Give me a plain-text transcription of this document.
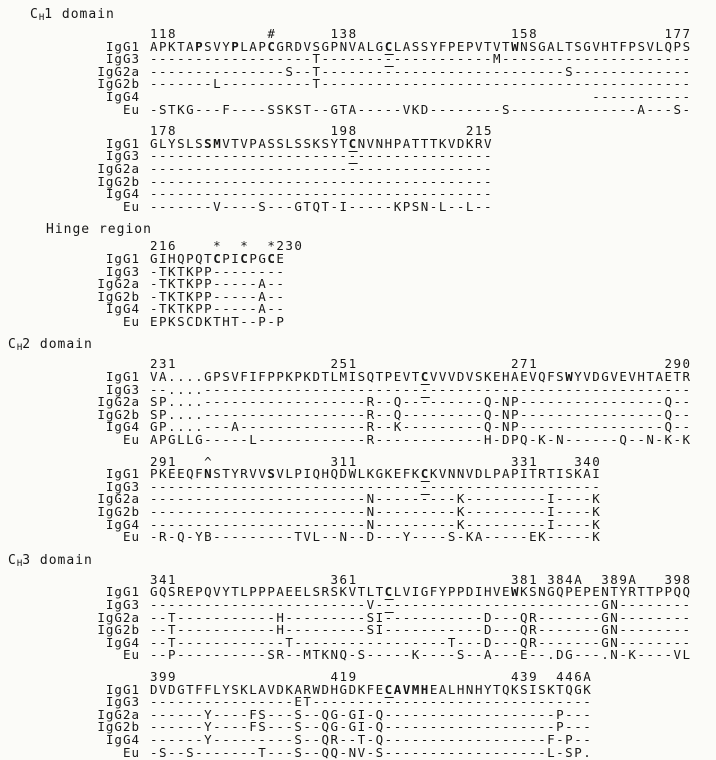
$C_H1$ domain
118          #      138                 158              177
IgG1 APKTAPSVYPLAPCGRDVSGPNVALGCLASSYFPEPVTVTWNSGALTSGVHTFPSVLQPS
IgG3 ------------------T-------------------M---------------------
IgG2a ---------------S--T---------------------------S-------------
IgG2b -------L----------T-----------------------------------------
IgG4 -----------
Eu -STKG---F----SSKST--GTA-----VKD--------S--------------A---S-
178                 198            215
IgG1 GLYSLSSMVTVPASSLSSKSYTCNVNHPATTTKVDKRV
IgG3 --------------------------------------
IgG2a --------------------------------------
IgG2b --------------------------------------
IgG4 --------------------------------------
Eu -------V----S---GTQT-I-----KPSN-L--L--
Hinge region
216    *  *  *230
IgG1 GIHQPQTCPICPGCE
IgG3 -TKTKPP--------
IgG2a -TKTKPP-----A--
IgG2b -TKTKPP-----A--
IgG4 -TKTKPP-----A--
Eu EPKSCDKTHT--P-P
$C_H2$ domain
231                 251                 271              290
IgG1 VA....GPSVFIFPPKPKDTLMISQTPEVTCVVVDVSKEHAEVQFSWYVDGVEVHTAETR
IgG3 --....------------------------------------------------------
IgG2a SP....------------------R--Q---------Q-NP----------------Q--
IgG2b SP....------------------R--Q---------Q-NP----------------Q--
IgG4 GP....---A--------------R--K---------Q-NP----------------Q--
Eu APGLLG-----L------------R------------H-DPQ-K-N------Q--N-K-K
291   ^             311                 331    340
IgG1 PKEEQFNSTYRVVSVLPIQHQDWLKGKEFKCKVNNVDLPAPITRTISKAI
IgG3 --------------------------------------------------
IgG2a ------------------------N---------K---------I----K
IgG2b ------------------------N---------K---------I----K
IgG4 ------------------------N---------K---------I----K
Eu -R-Q-YB---------TVL--N--D---Y----S-KA-----EK-----K
$C_H3$ domain
341                 361                 381 384A  389A   398
IgG1 GQSREPQVYTLPPPAEELSRSKVTLTCLVIGFYPPDIHVEWKSNGQPEPENTYRTTPPQQ
IgG3 ------------------------V-------------------------GN--------
IgG2a --T-----------H---------SI-----------D---QR-------GN--------
IgG2b --T-----------H---------SI-----------D---QR-------GN--------
IgG4 --T------------T-----------------T---D---QR-------GN--------
Eu --P----------SR--MTKNQ-S-----K----S--A---E--.DG---.N-K----VL
399                 419                 439  446A
IgG1 DVDGTFFLYSKLAVDKARWDHGDKFECAVMHEALHNHYTQKSISKTQGK
IgG3 ----------------ET-------------------------------
IgG2a ------Y----FS---S--QG-GI-Q-------------------P---
IgG2b ------Y----FS---S--QG-GI-Q-------------------P---
IgG4 ------Y---------S--QR--T-Q------------------F-P--
Eu -S--S-------T---S--QQ-NV-S------------------L-SP.
